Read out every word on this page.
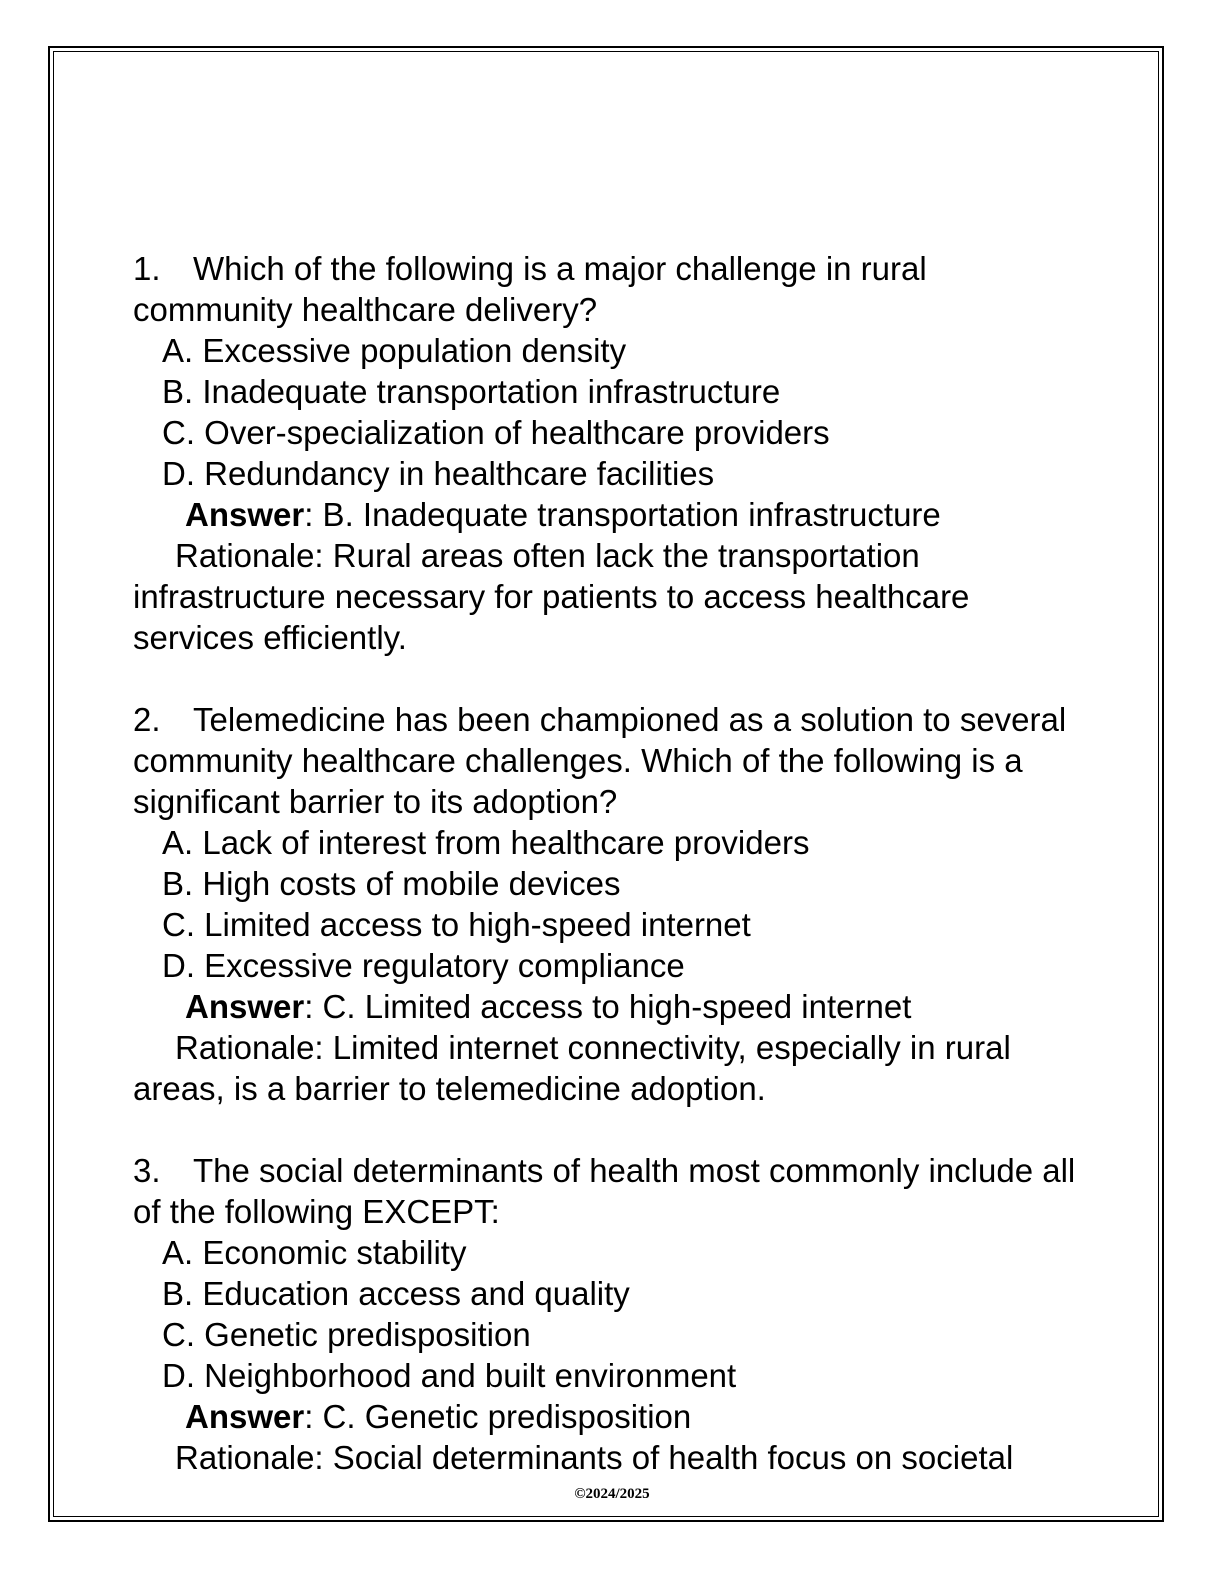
1. Which of the following is a major challenge in rural community healthcare delivery?
A. Excessive population density
B. Inadequate transportation infrastructure
C. Over-specialization of healthcare providers
D. Redundancy in healthcare facilities
Answer: B. Inadequate transportation infrastructure
Rationale: Rural areas often lack the transportation infrastructure necessary for patients to access healthcare services efficiently.
2. Telemedicine has been championed as a solution to several community healthcare challenges. Which of the following is a significant barrier to its adoption?
A. Lack of interest from healthcare providers
B. High costs of mobile devices
C. Limited access to high-speed internet
D. Excessive regulatory compliance
Answer: C. Limited access to high-speed internet
Rationale: Limited internet connectivity, especially in rural areas, is a barrier to telemedicine adoption.
3. The social determinants of health most commonly include all of the following EXCEPT:
A. Economic stability
B. Education access and quality
C. Genetic predisposition
D. Neighborhood and built environment
Answer: C. Genetic predisposition
Rationale: Social determinants of health focus on societal
©2024/2025
